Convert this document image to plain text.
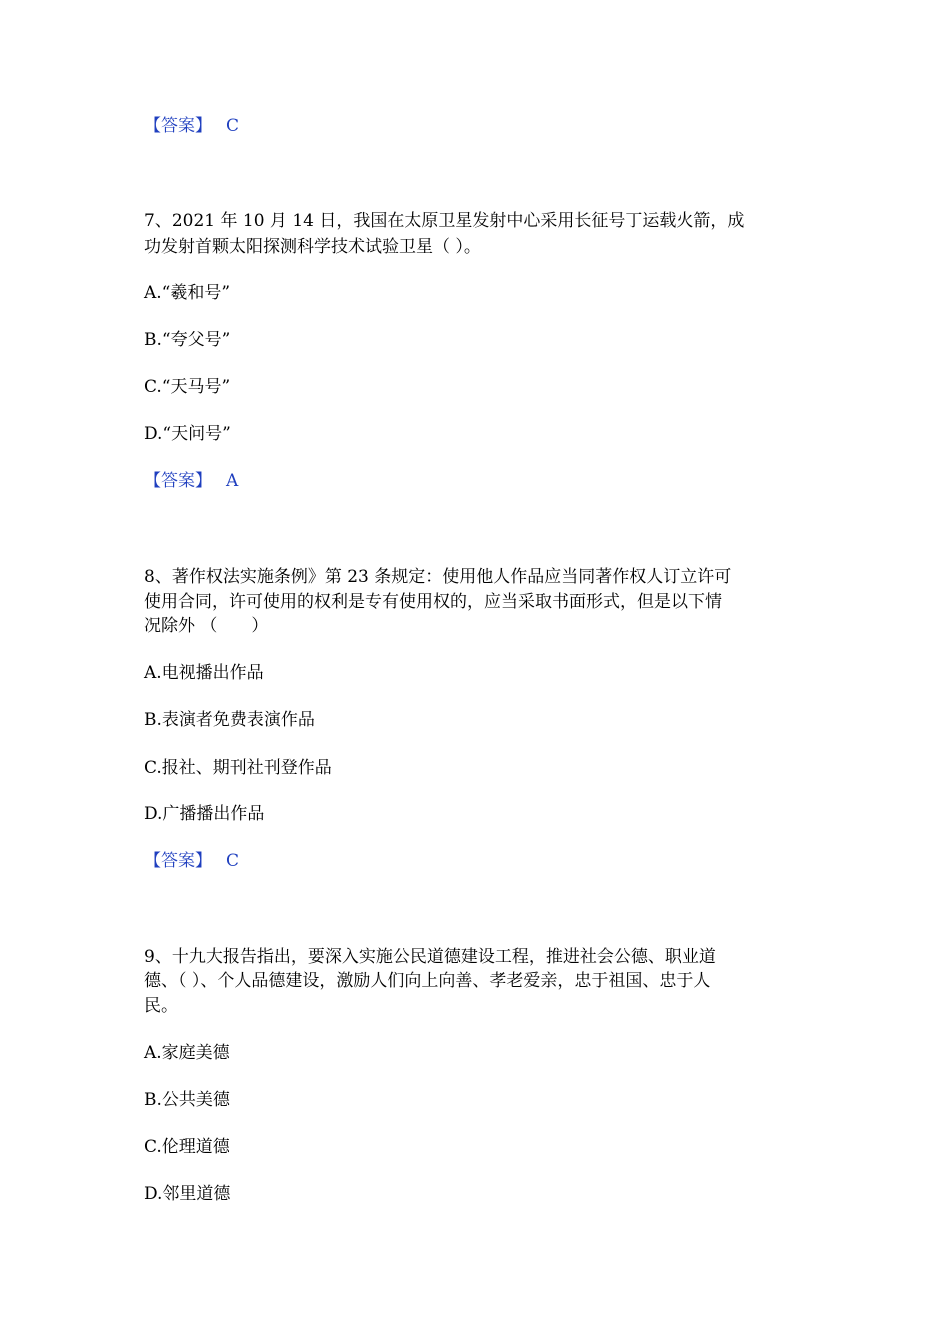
【答案】 C
7、2021 年 10 月 14 日，我国在太原卫星发射中心采用长征号丁运载火箭，成
功发射首颗太阳探测科学技术试验卫星（ ）。
A.“羲和号”
B.“夸父号”
C.“天马号”
D.“天问号”
【答案】 A
8、著作权法实施条例》第 23 条规定：使用他人作品应当同著作权人订立许可
使用合同，许可使用的权利是专有使用权的，应当采取书面形式，但是以下情
况除外 （　　）
A.电视播出作品
B.表演者免费表演作品
C.报社、期刊社刊登作品
D.广播播出作品
【答案】 C
9、十九大报告指出，要深入实施公民道德建设工程，推进社会公德、职业道
德、（ ）、个人品德建设，激励人们向上向善、孝老爱亲，忠于祖国、忠于人
民。
A.家庭美德
B.公共美德
C.伦理道德
D.邻里道德
